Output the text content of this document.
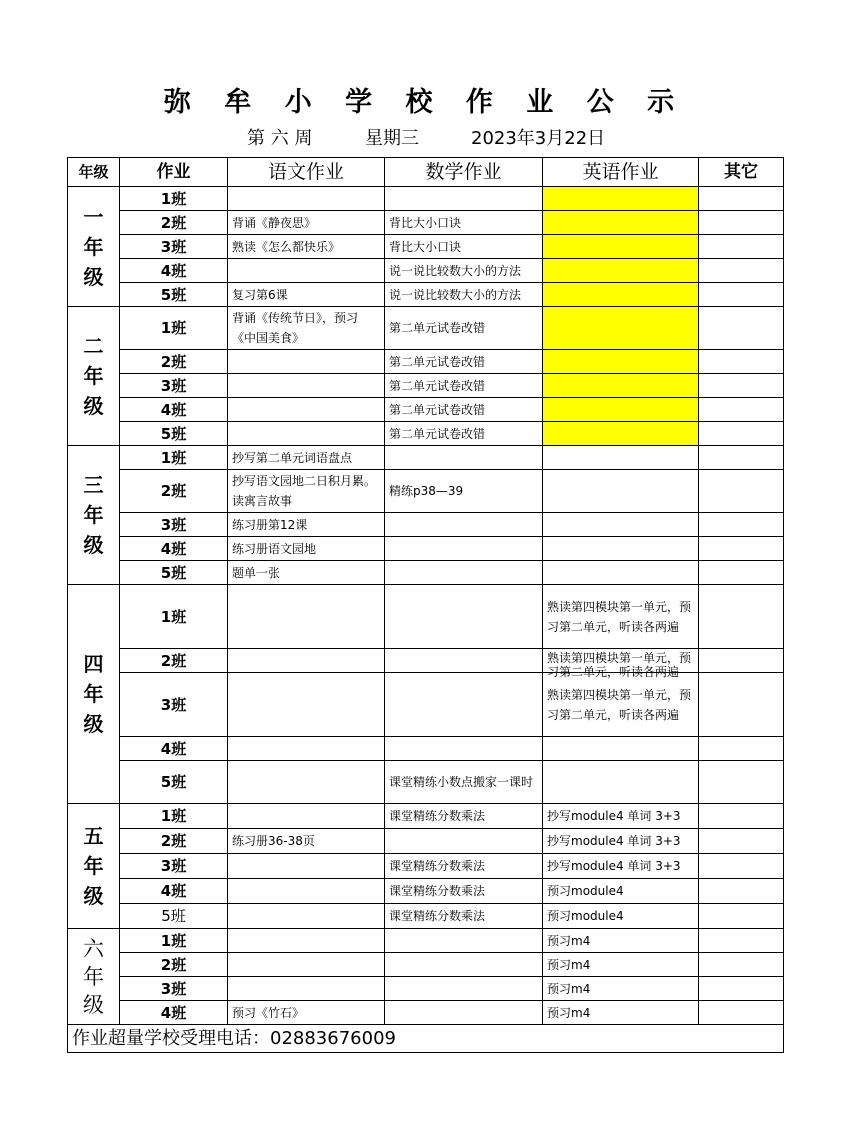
弥 牟 小 学 校 作 业 公 示
第 六 周	星期三	2023年3月22日
年级	作业	语文作业	数学作业	英语作业	其它
一
年
级	1班				
	2班	背诵《静夜思》	背比大小口诀		
	3班	熟读《怎么都快乐》	背比大小口诀		
	4班		说一说比较数大小的方法		
	5班	复习第6课	说一说比较数大小的方法		
二
年
级	1班	背诵《传统节日》，预习《中国美食》	第二单元试卷改错		
	2班		第二单元试卷改错		
	3班		第二单元试卷改错		
	4班		第二单元试卷改错		
	5班		第二单元试卷改错		
三
年
级	1班	抄写第二单元词语盘点			
	2班	抄写语文园地二日积月累。读寓言故事	精练p38—39		
	3班	练习册第12课			
	4班	练习册语文园地			
	5班	题单一张			
四
年
级	1班			熟读第四模块第一单元，预习第二单元，听读各两遍	
	2班			熟读第四模块第一单元，预习第二单元，听读各两遍	

	3班			熟读第四模块第一单元，预习第二单元，听读各两遍	
	4班				
	5班		课堂精练小数点搬家一课时		
五
年
级	1班		课堂精练分数乘法	抄写module4 单词 3+3	
	2班	练习册36-38页		抄写module4 单词 3+3	
	3班		课堂精练分数乘法	抄写module4 单词 3+3	
	4班		课堂精练分数乘法	预习module4	
	5班		课堂精练分数乘法	预习module4	
六
年
级	1班			预习m4	
	2班			预习m4	
	3班			预习m4	
	4班	预习《竹石》		预习m4	
作业超量学校受理电话：02883676009					
